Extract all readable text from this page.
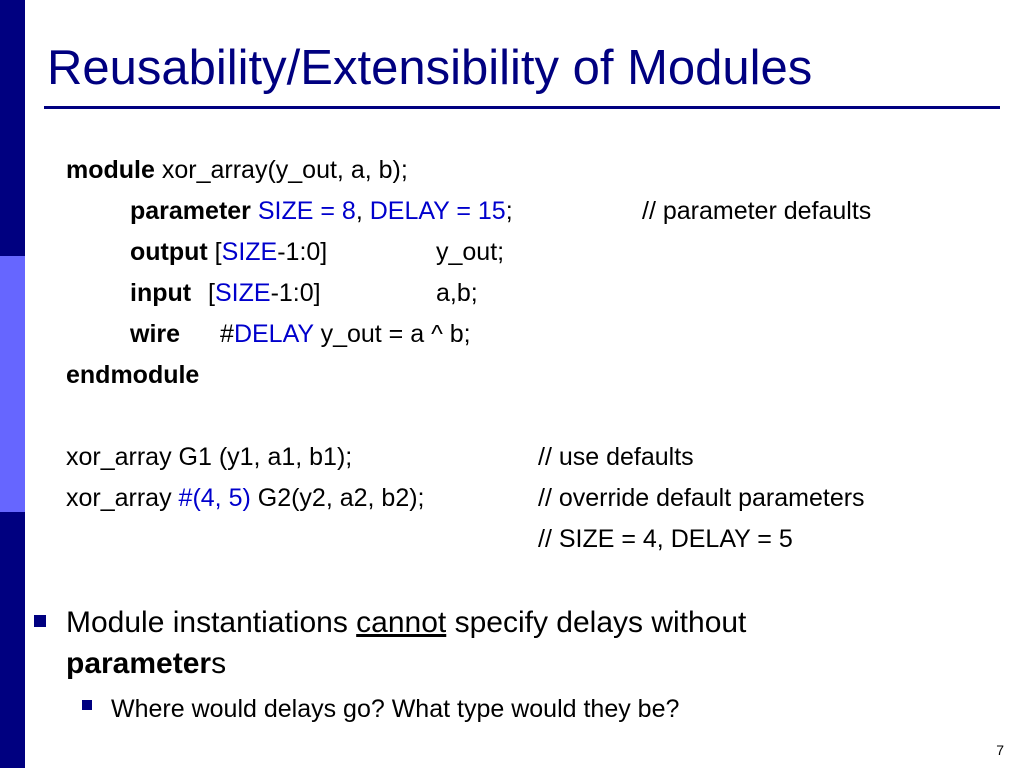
Reusability/Extensibility of Modules
module xor_array(y_out, a, b);
parameter SIZE = 8, DELAY = 15;	// parameter defaults
output [SIZE-1:0]	y_out;
input [SIZE-1:0]	a,b;
wire #DELAY y_out = a ^ b;
endmodule
xor_array G1 (y1, a1, b1);	// use defaults
xor_array #(4, 5) G2(y2, a2, b2);	// override default parameters
// SIZE = 4, DELAY = 5
Module instantiations cannot specify delays without
parameters
Where would delays go? What type would they be?
7
